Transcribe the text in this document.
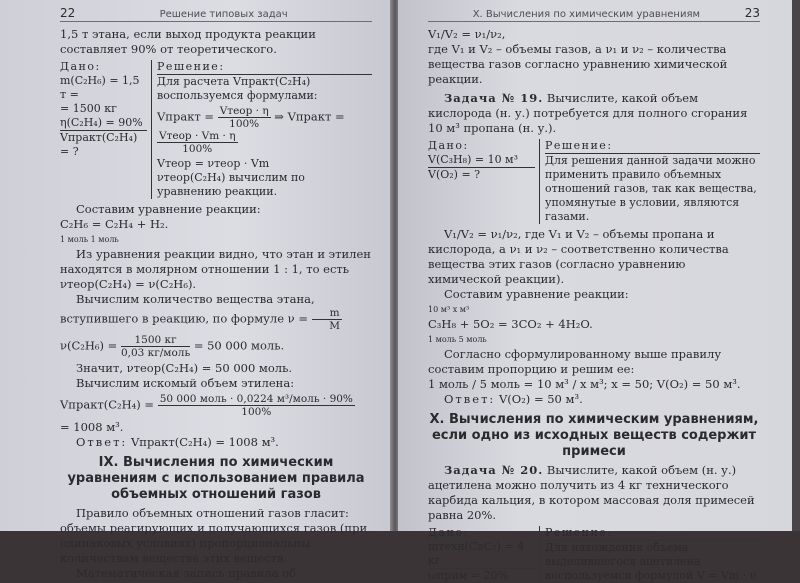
22	Решение типовых задач

1,5 т этана, если выход продукта реакции составляет 90% от теоретического.

Дано:
m(C₂H₆) = 1,5 т =
= 1500 кг
η(C₂H₄) = 90%
Vпракт(C₂H₄) = ?
Решение:
Для расчета Vпракт(C₂H₄) воспользуемся формулами:
Vпракт = $\frac{\text{Vтеор · η}}{100\%}$ ⇒ Vпракт =
$\frac{\text{Vтеор · Vm · η}}{100\%}$
Vтеор = νтеор · Vm
νтеор(C₂H₄) вычислим по уравнению реакции.

Составим уравнение реакции:

C₂H₆ = C₂H₄ + H₂.

1 моль 1 моль

Из уравнения реакции видно, что этан и этилен находятся в молярном отношении 1 : 1, то есть

νтеор(C₂H₄) = ν(C₂H₆).

Вычислим количество вещества этана, вступившего в реакцию, по формуле $\nu = \frac{m}{M}$

$\nu(C_2H_6) = \frac{1500 кг}{\text{0,03 кг/моль}} = 50$ 000 моль.

Значит, νтеор(C₂H₄) = 50 000 моль.

Вычислим искомый объем этилена:

Vпракт(C₂H₄) = $\frac{\text{50 000 моль · 0,0224 м³/моль · 90\%}}{100\%}$

= 1008 м³.

Ответ: Vпракт(C₂H₄) = 1008 м³.

IX. Вычисления по химическим уравнениям с использованием правила объемных отношений газов

Правило объемных отношений газов гласит: объемы реагирующих и получающихся газов (при одинаковых условиях) пропорциональны количествам вещества этих веществ.

Математическая запись правила об

X. Вычисления по химическим уравнениям	23

V₁/V₂ = ν₁/ν₂,

где V₁ и V₂ – объемы газов, а ν₁ и ν₂ – количества вещества газов согласно уравнению химической реакции.

Задача № 19. Вычислите, какой объем кислорода (н. у.) потребуется для полного сгорания 10 м³ пропана (н. у.).

Дано:
V(C₃H₈) = 10 м³
V(O₂) = ?
Решение:
Для решения данной задачи можно применить правило объемных отношений газов, так как вещества, упомянутые в условии, являются газами.

V₁/V₂ = ν₁/ν₂, где V₁ и V₂ – объемы пропана и кислорода, а ν₁ и ν₂ – соответственно количества вещества этих газов (согласно уравнению химической реакции).

Составим уравнение реакции:

10 м³ x м³

C₃H₈ + 5O₂ = 3CO₂ + 4H₂O.

1 моль 5 моль

Согласно сформулированному выше правилу составим пропорцию и решим ее:

1 моль / 5 моль = 10 м³ / x м³; x = 50; V(O₂) = 50 м³.

Ответ: V(O₂) = 50 м³.

X. Вычисления по химическим уравнениям, если одно из исходных веществ содержит примеси

Задача № 20. Вычислите, какой объем (н. у.) ацетилена можно получить из 4 кг технического карбида кальция, в котором массовая доля примесей равна 20%.

Дано:
mтехн(CaC₂) = 4 кг
ωприм = 20%
Решение:
Для нахождения объема выделившегося ацетилена воспользуемся формулой V = Vm · ν
